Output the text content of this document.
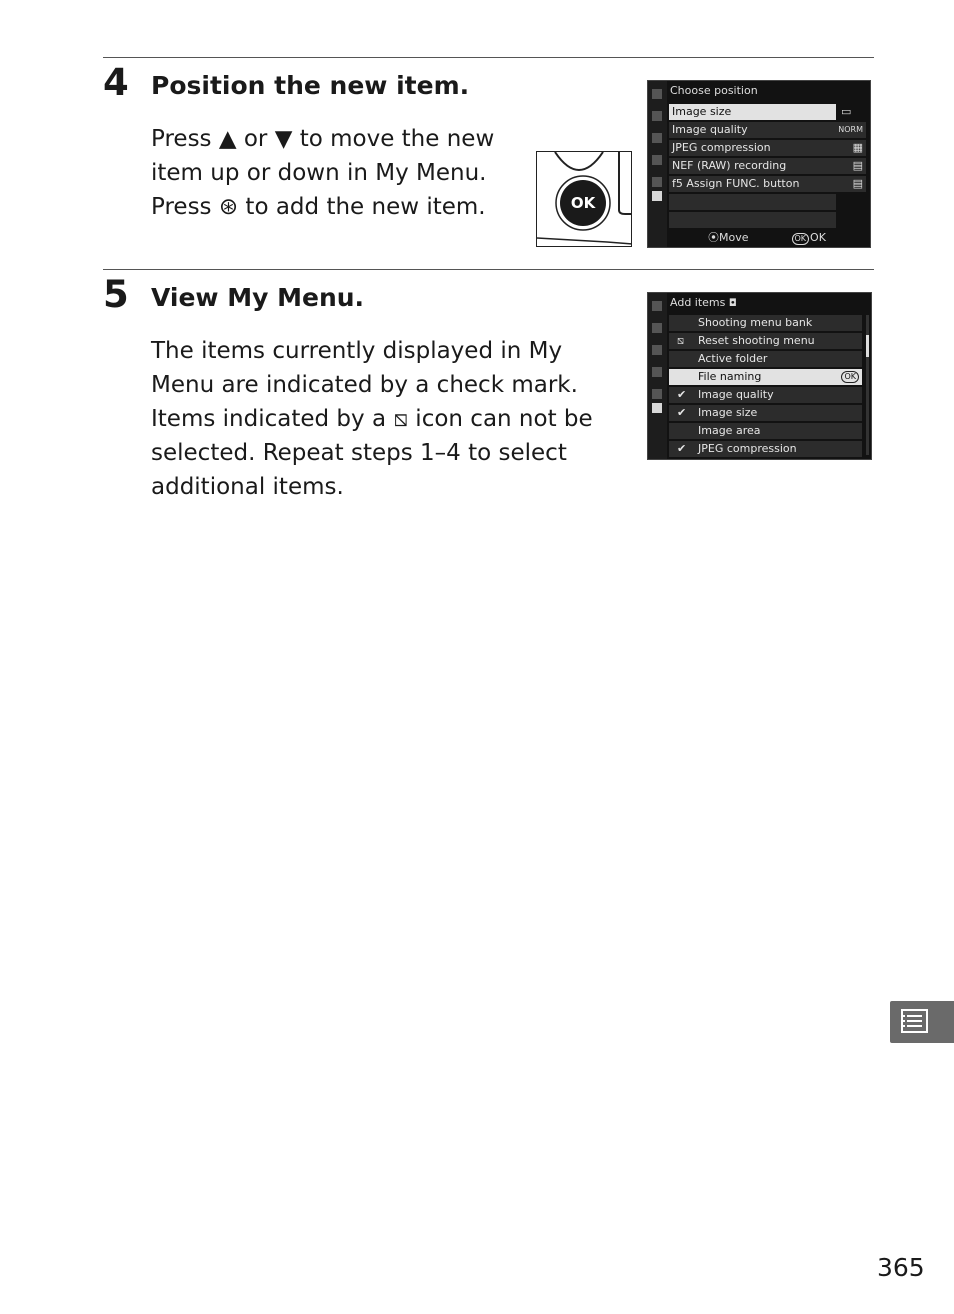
4 Position the new item.
Press ▲ or ▼ to move the new
item up or down in My Menu.
Press ⊛ to add the new item.	OK
Choose position
Image size	▭
Image quality	NORM
JPEG compression	▦
NEF (RAW) recording	▤
f5 Assign FUNC. button	▤
⦿Move	OK OK
5 View My Menu.
The items currently displayed in My
Menu are indicated by a check mark.
Items indicated by a ⧅ icon can not be
selected. Repeat steps 1–4 to select
additional items.
Add items ◘
Shooting menu bank
⧅ Reset shooting menu
Active folder
File naming	OK
✔ Image quality
✔ Image size
Image area
✔ JPEG compression
365
